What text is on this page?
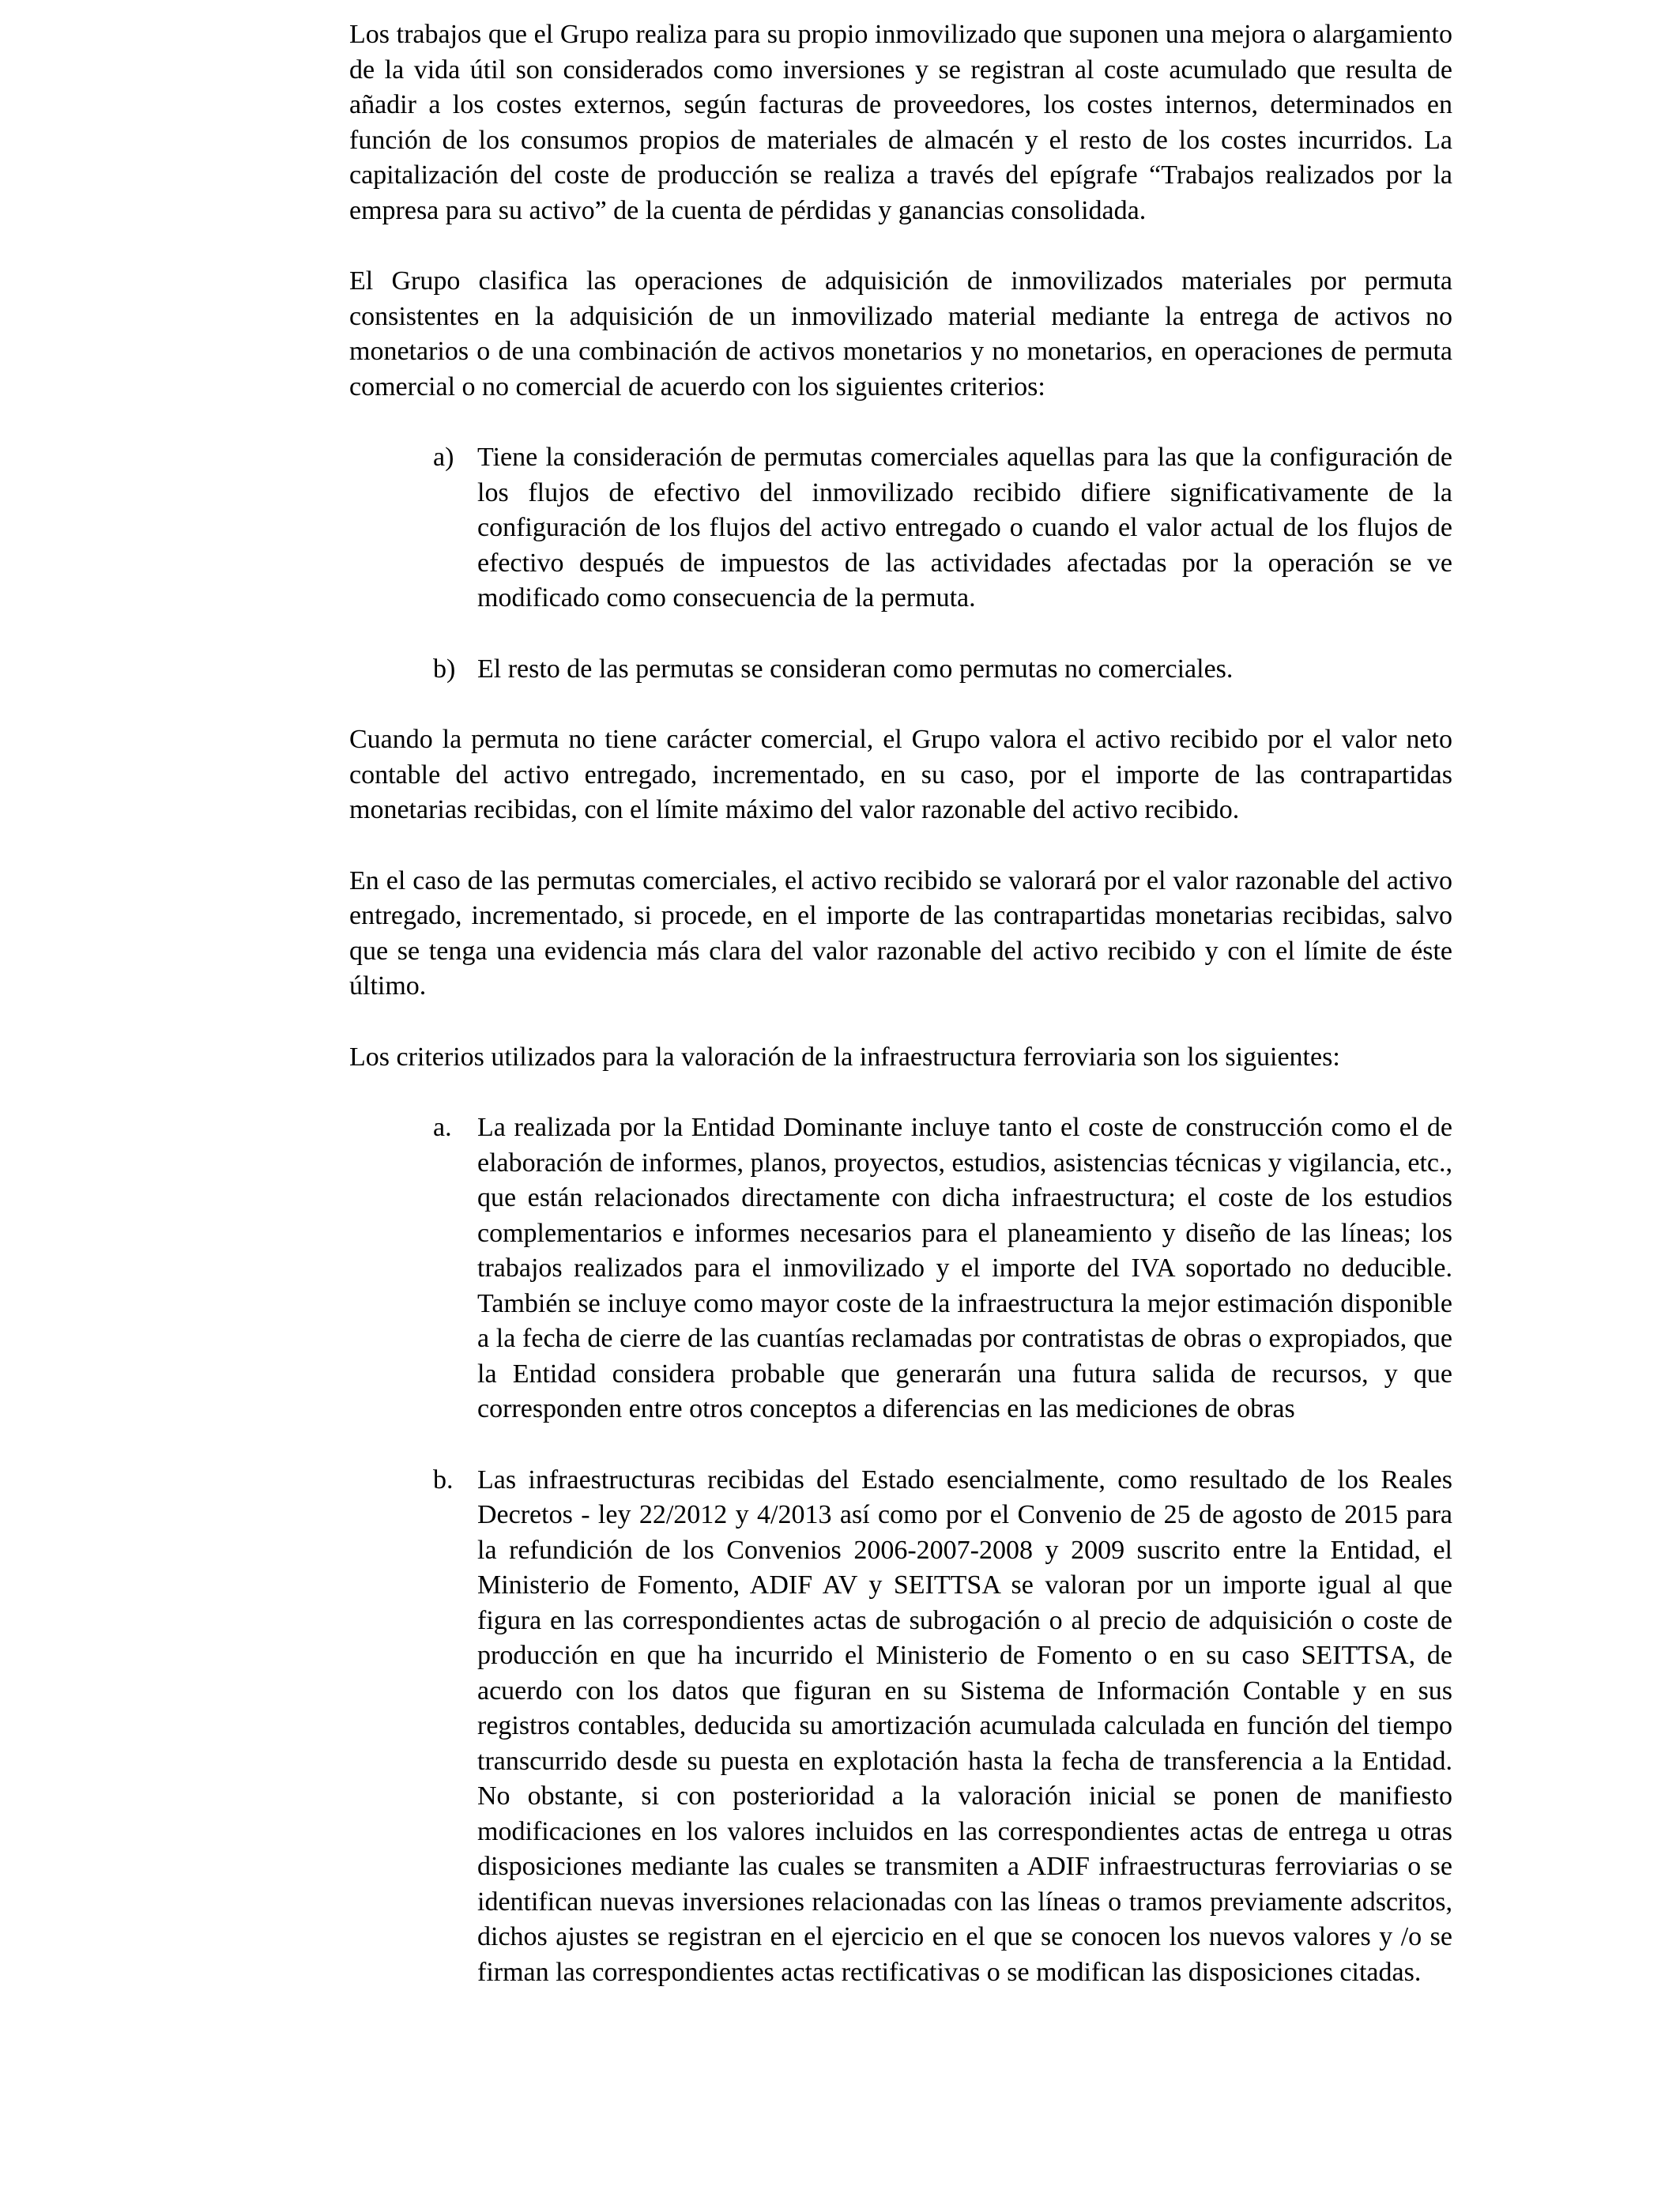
Los trabajos que el Grupo realiza para su propio inmovilizado que suponen una mejora o alargamiento de la vida útil son considerados como inversiones y se registran al coste acumulado que resulta de añadir a los costes externos, según facturas de proveedores, los costes internos, determinados en función de los consumos propios de materiales de almacén y el resto de los costes incurridos. La capitalización del coste de producción se realiza a través del epígrafe “Trabajos realizados por la empresa para su activo” de la cuenta de pérdidas y ganancias consolidada.

El Grupo clasifica las operaciones de adquisición de inmovilizados materiales por permuta consistentes en la adquisición de un inmovilizado material mediante la entrega de activos no monetarios o de una combinación de activos monetarios y no monetarios, en operaciones de permuta comercial o no comercial de acuerdo con los siguientes criterios:

a) Tiene la consideración de permutas comerciales aquellas para las que la configuración de los flujos de efectivo del inmovilizado recibido difiere significativamente de la configuración de los flujos del activo entregado o cuando el valor actual de los flujos de efectivo después de impuestos de las actividades afectadas por la operación se ve modificado como consecuencia de la permuta.
b) El resto de las permutas se consideran como permutas no comerciales.

Cuando la permuta no tiene carácter comercial, el Grupo valora el activo recibido por el valor neto contable del activo entregado, incrementado, en su caso, por el importe de las contrapartidas monetarias recibidas, con el límite máximo del valor razonable del activo recibido.

En el caso de las permutas comerciales, el activo recibido se valorará por el valor razonable del activo entregado, incrementado, si procede, en el importe de las contrapartidas monetarias recibidas, salvo que se tenga una evidencia más clara del valor razonable del activo recibido y con el límite de éste último.

Los criterios utilizados para la valoración de la infraestructura ferroviaria son los siguientes:

a. La realizada por la Entidad Dominante incluye tanto el coste de construcción como el de elaboración de informes, planos, proyectos, estudios, asistencias técnicas y vigilancia, etc., que están relacionados directamente con dicha infraestructura; el coste de los estudios complementarios e informes necesarios para el planeamiento y diseño de las líneas; los trabajos realizados para el inmovilizado y el importe del IVA soportado no deducible. También se incluye como mayor coste de la infraestructura la mejor estimación disponible a la fecha de cierre de las cuantías reclamadas por contratistas de obras o expropiados, que la Entidad considera probable que generarán una futura salida de recursos, y que corresponden entre otros conceptos a diferencias en las mediciones de obras
b. Las infraestructuras recibidas del Estado esencialmente, como resultado de los Reales Decretos - ley 22/2012 y 4/2013 así como por el Convenio de 25 de agosto de 2015 para la refundición de los Convenios 2006-2007-2008 y 2009 suscrito entre la Entidad, el Ministerio de Fomento, ADIF AV y SEITTSA se valoran por un importe igual al que figura en las correspondientes actas de subrogación o al precio de adquisición o coste de producción en que ha incurrido el Ministerio de Fomento o en su caso SEITTSA, de acuerdo con los datos que figuran en su Sistema de Información Contable y en sus registros contables, deducida su amortización acumulada calculada en función del tiempo transcurrido desde su puesta en explotación hasta la fecha de transferencia a la Entidad. No obstante, si con posterioridad a la valoración inicial se ponen de manifiesto modificaciones en los valores incluidos en las correspondientes actas de entrega u otras disposiciones mediante las cuales se transmiten a ADIF infraestructuras ferroviarias o se identifican nuevas inversiones relacionadas con las líneas o tramos previamente adscritos, dichos ajustes se registran en el ejercicio en el que se conocen los nuevos valores y /o se firman las correspondientes actas rectificativas o se modifican las disposiciones citadas.
